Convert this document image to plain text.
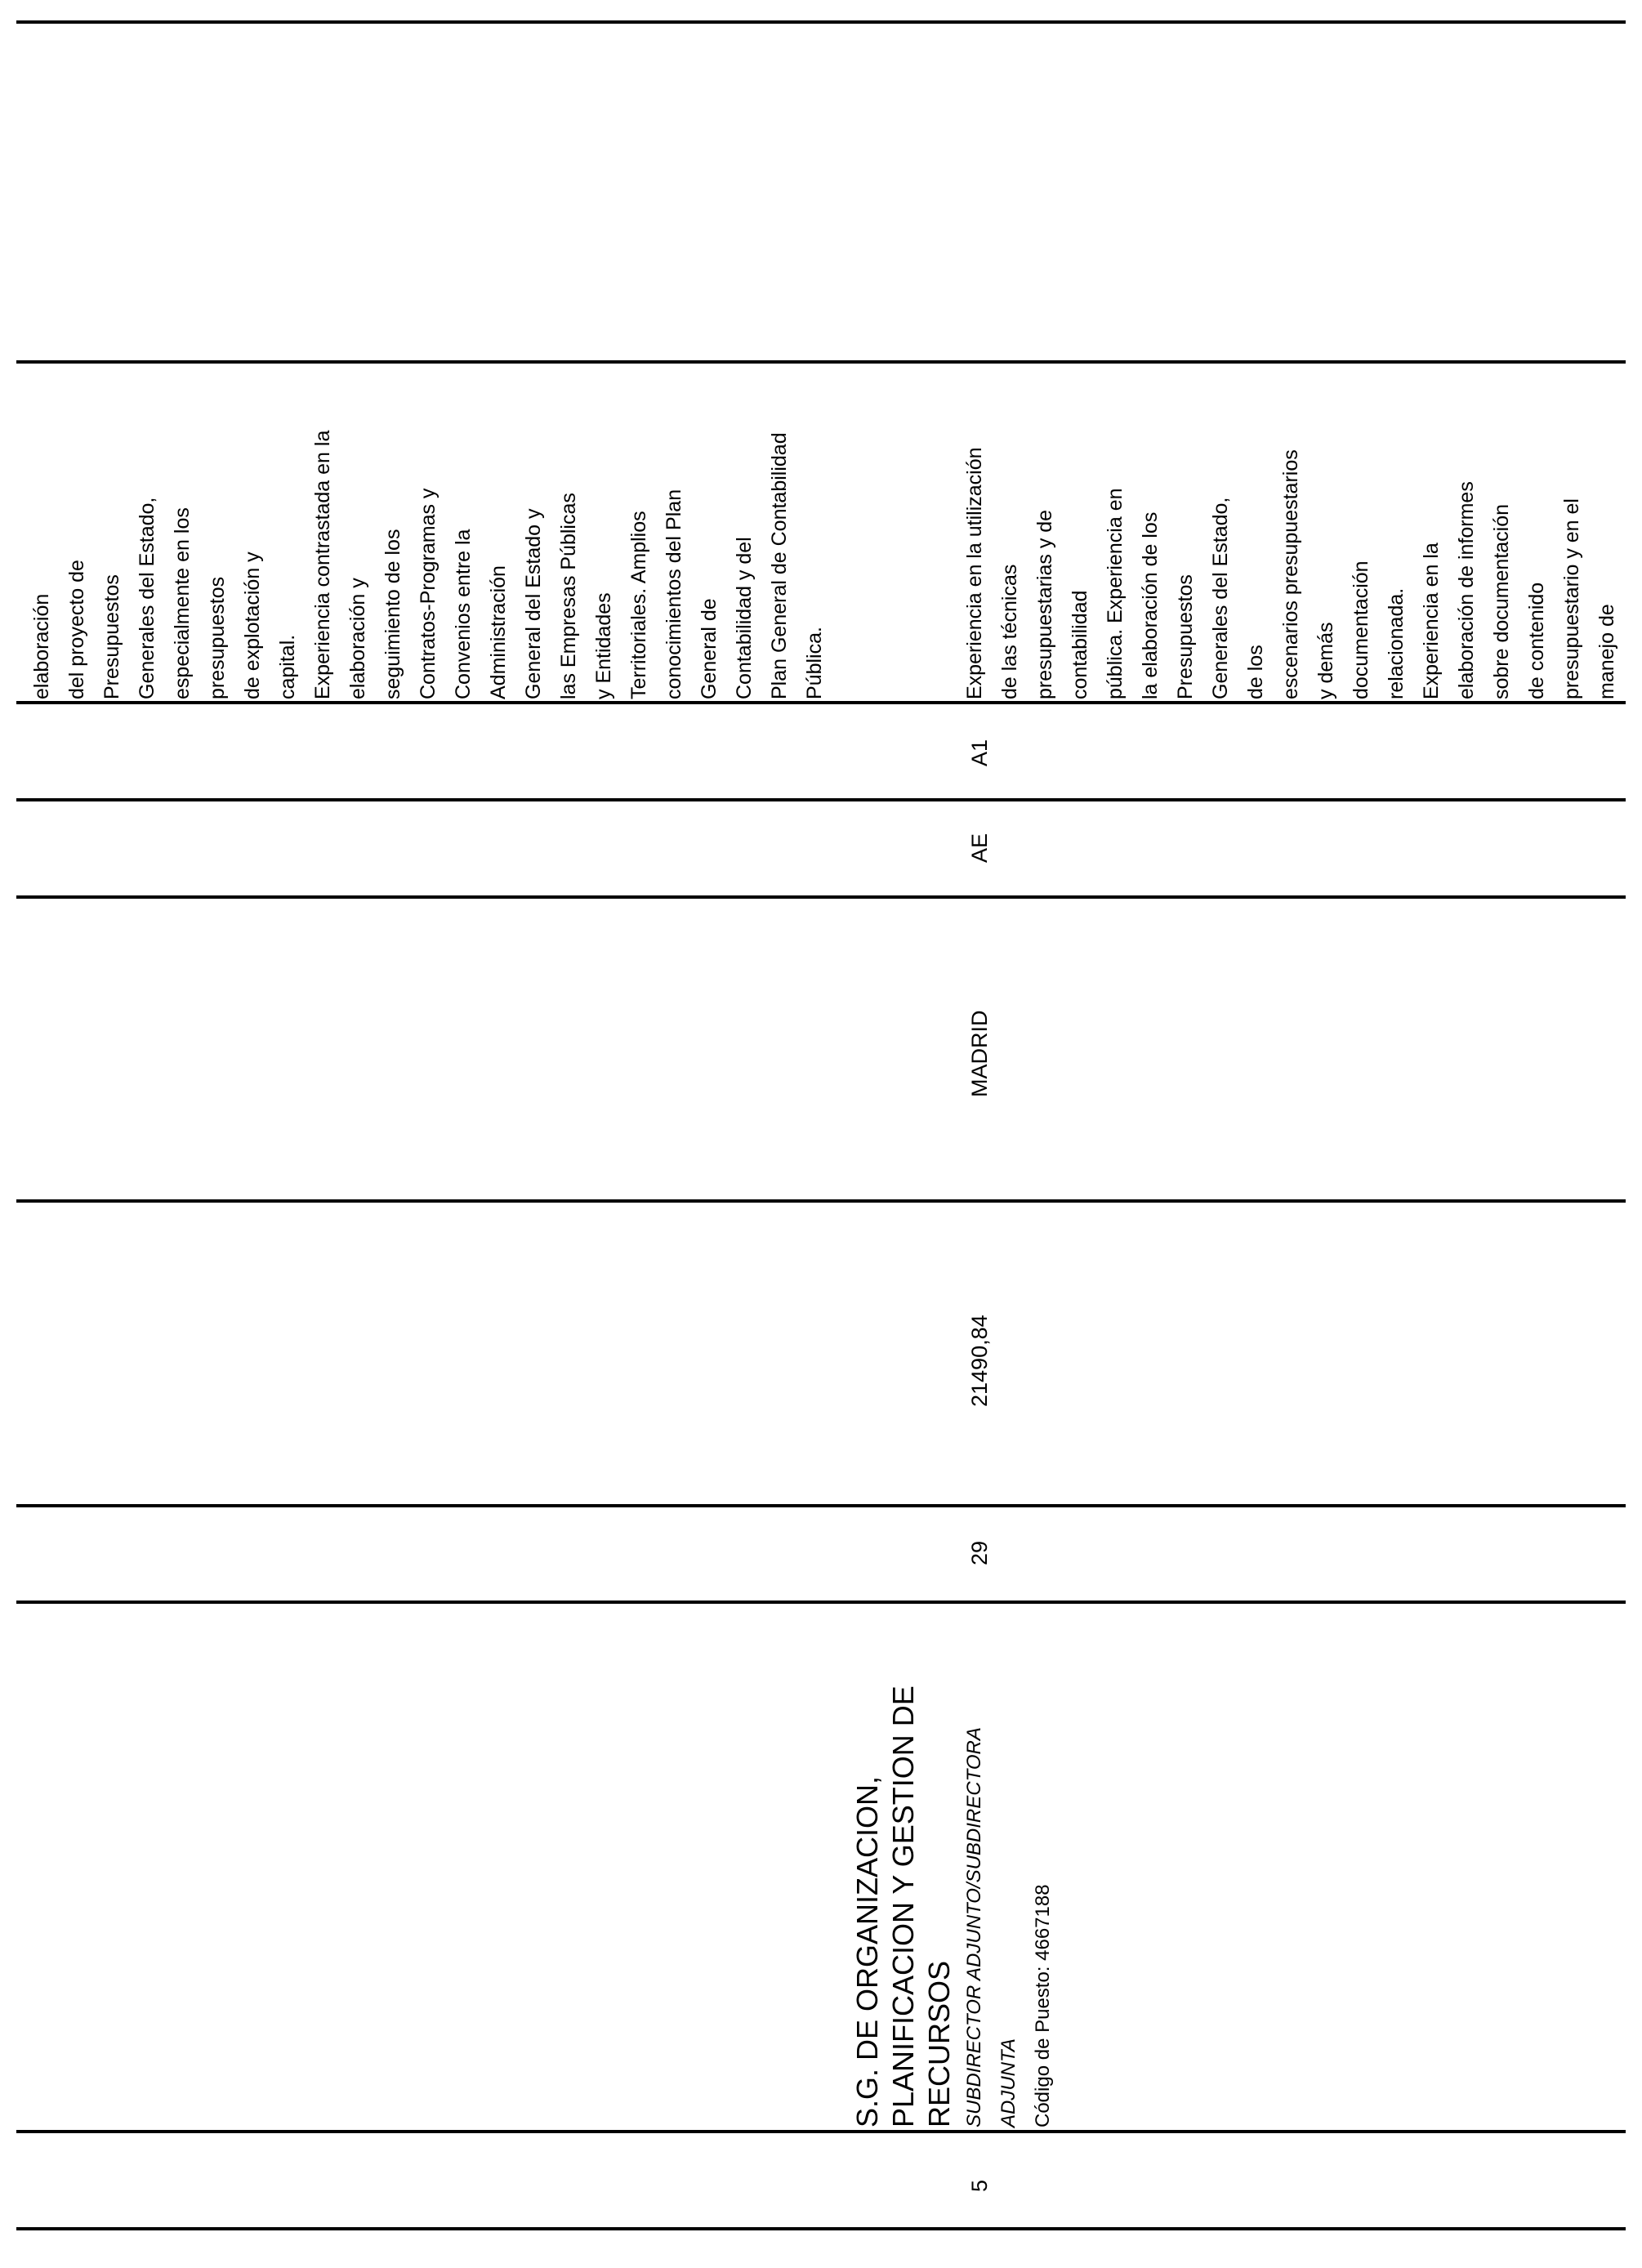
elaboración del proyecto de Presupuestos Generales del Estado, especialmente en los presupuestos de explotación y capital. Experiencia contrastada en la elaboración y seguimiento de los Contratos-Programas y Convenios entre la Administración General del Estado y las Empresas Públicas y Entidades Territoriales. Amplios conocimientos del Plan General de Contabilidad y del Plan General de Contabilidad Pública.
5
S.G. DE ORGANIZACION, PLANIFICACION Y GESTION DE RECURSOS SUBDIRECTOR ADJUNTO/SUBDIRECTORA ADJUNTA Código de Puesto: 4667188
29
21490,84
MADRID
AE
A1
Experiencia en la utilización de las técnicas presupuestarias y de contabilidad pública. Experiencia en la elaboración de los Presupuestos Generales del Estado, de los escenarios presupuestarios y demás documentación relacionada. Experiencia en la elaboración de informes sobre documentación de contenido presupuestario y en el manejo de
